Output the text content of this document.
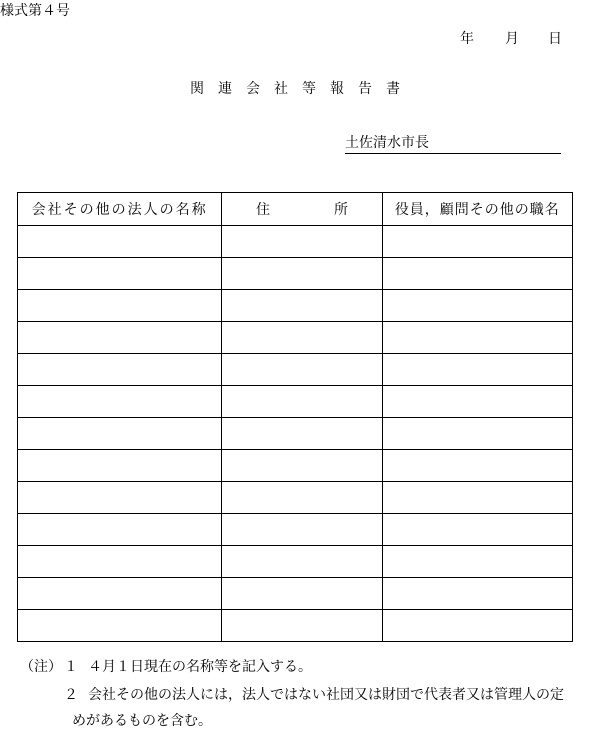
様式第４号
年 月 日
関連会社等報告書
土佐清水市長
会社その他の法人の名称	住 所	役員，顧問その他の職名

（注） １ ４月１日現在の名称等を記入する。
２ 会社その他の法人には，法人ではない社団又は財団で代表者又は管理人の定
めがあるものを含む。
